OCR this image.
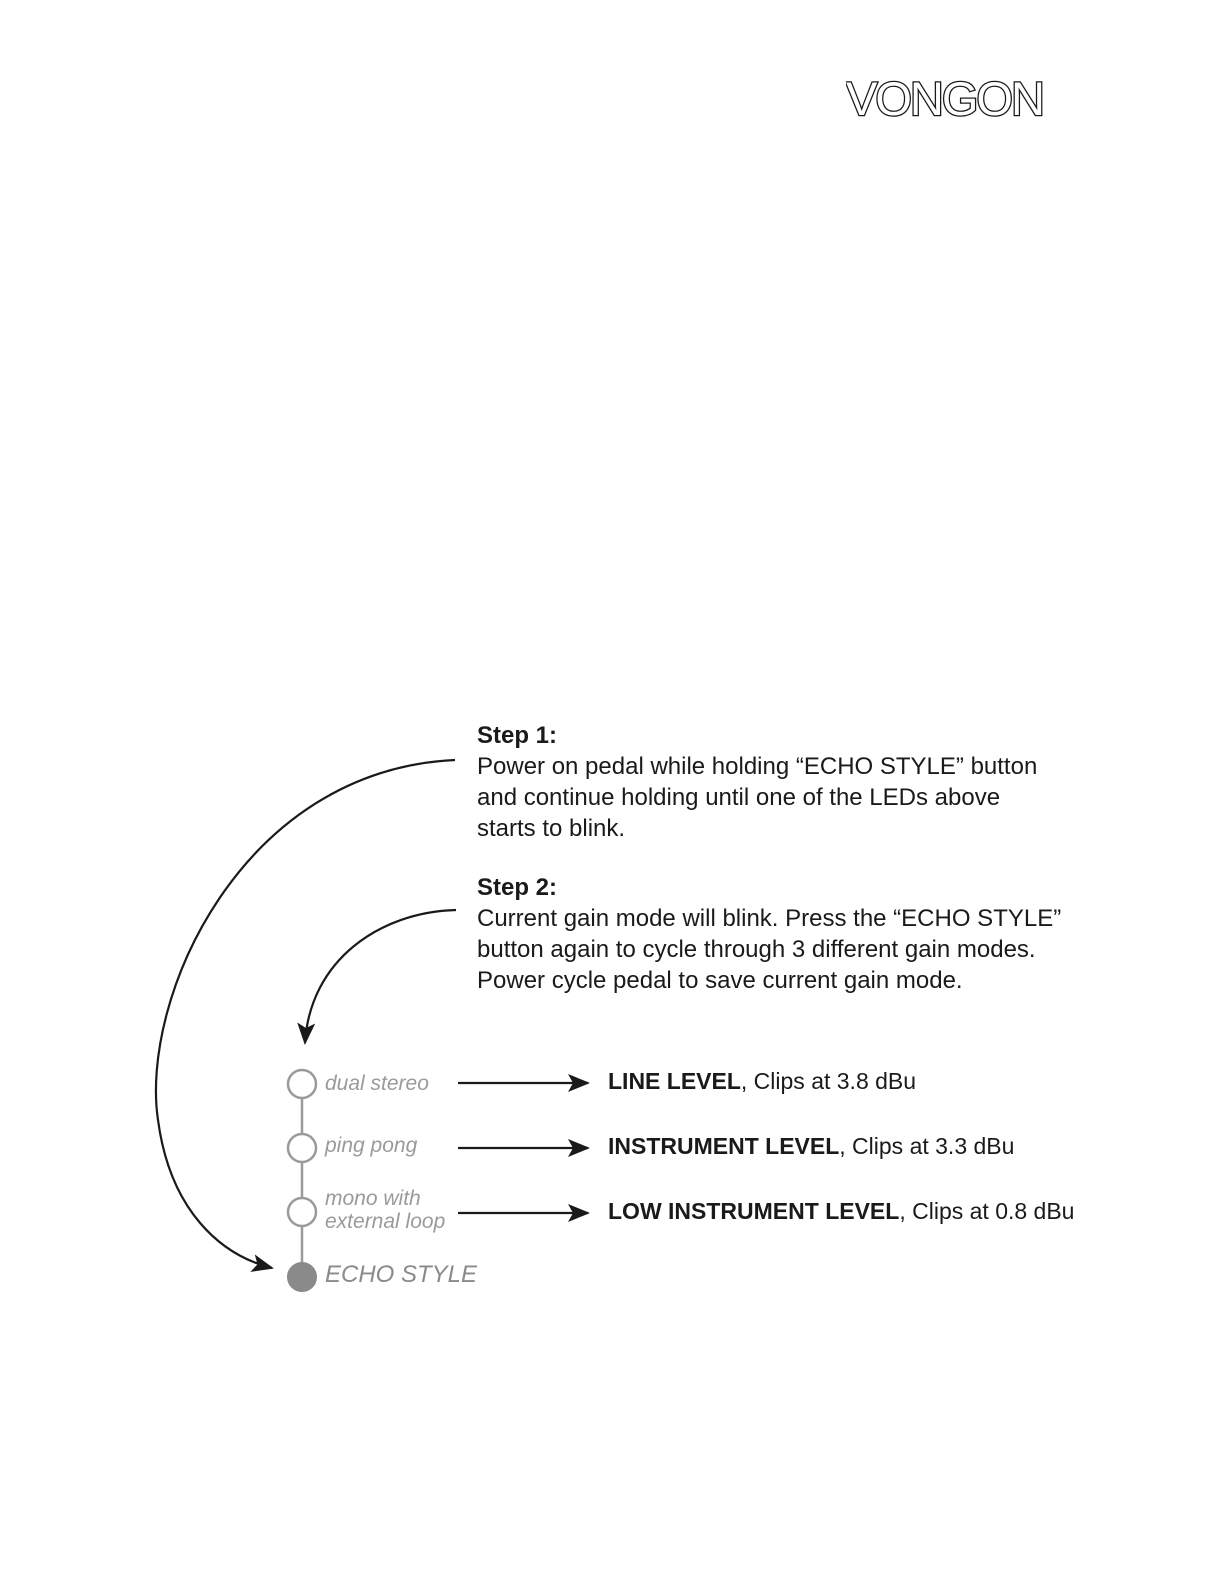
VONGON
Step 1:
Power on pedal while holding “ECHO STYLE” button
and continue holding until one of the LEDs above
starts to blink.
Step 2:
Current gain mode will blink. Press the “ECHO STYLE”
button again to cycle through 3 different gain modes.
Power cycle pedal to save current gain mode.
dual stereo
ping pong
mono with
external loop
ECHO STYLE
LINE LEVEL, Clips at 3.8 dBu
INSTRUMENT LEVEL, Clips at 3.3 dBu
LOW INSTRUMENT LEVEL, Clips at 0.8 dBu
